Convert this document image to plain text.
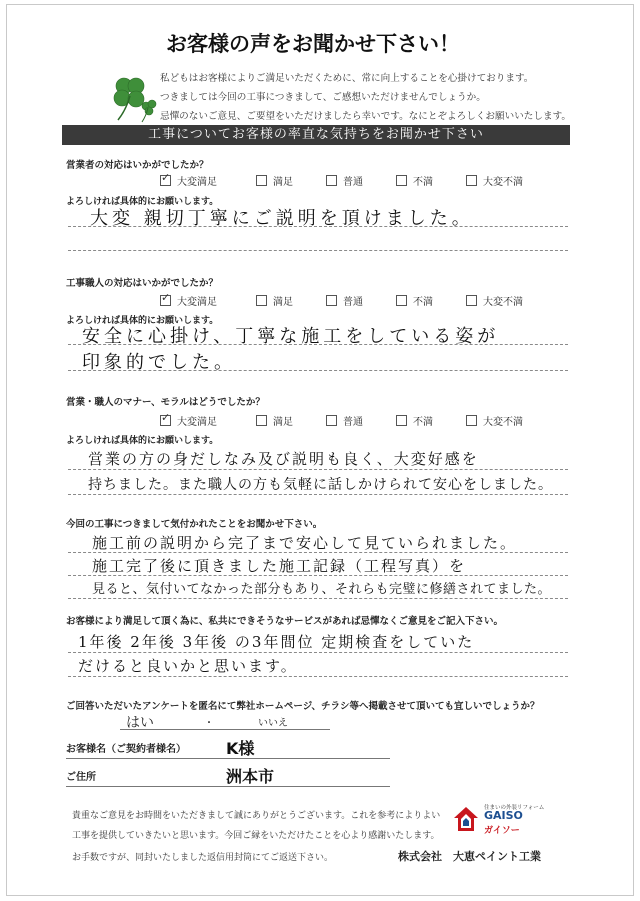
お客様の声をお聞かせ下さい！
私どもはお客様によりご満足いただくために、常に向上することを心掛けております。
つきましては今回の工事につきまして、ご感想いただけませんでしょうか。
忌憚のないご意見、ご要望をいただけましたら幸いです。なにとぞよろしくお願いいたします。
工事についてお客様の率直な気持ちをお聞かせ下さい
営業者の対応はいかがでしたか？
✓大変満足	満足	普通	不満	大変不満
よろしければ具体的にお願いします。
大変 親切丁寧にご説明を頂けました。
工事職人の対応はいかがでしたか？
✓大変満足	満足	普通	不満	大変不満
よろしければ具体的にお願いします。
安全に心掛け、丁寧な施工をしている姿が
印象的でした。
営業・職人のマナー、モラルはどうでしたか？
✓大変満足	満足	普通	不満	大変不満
よろしければ具体的にお願いします。
営業の方の身だしなみ及び説明も良く、大変好感を
持ちました。また職人の方も気軽に話しかけられて安心をしました。
今回の工事につきまして気付かれたことをお聞かせ下さい。
施工前の説明から完了まで安心して見ていられました。
施工完了後に頂きました施工記録（工程写真）を
見ると、気付いてなかった部分もあり、それらも完璧に修繕されてました。
お客様により満足して頂く為に、私共にできそうなサービスがあれば忌憚なくご意見をご記入下さい。
1年後 2年後 3年後 の3年間位 定期検査をしていた
だけると良いかと思います。
ご回答いただいたアンケートを匿名にて弊社ホームページ、チラシ等へ掲載させて頂いても宜しいでしょうか？
はい	・	いいえ
お客様名（ご契約者様名）	K様
ご住所	洲本市
貴重なご意見をお時間をいただきまして誠にありがとうございます。これを参考によりよい
工事を提供していきたいと思います。今回ご縁をいただけたことを心より感謝いたします。
お手数ですが、同封いたしました返信用封筒にてご返送下さい。
住まいの外装リフォーム
GAISO
ガイソー
株式会社　大恵ペイント工業
